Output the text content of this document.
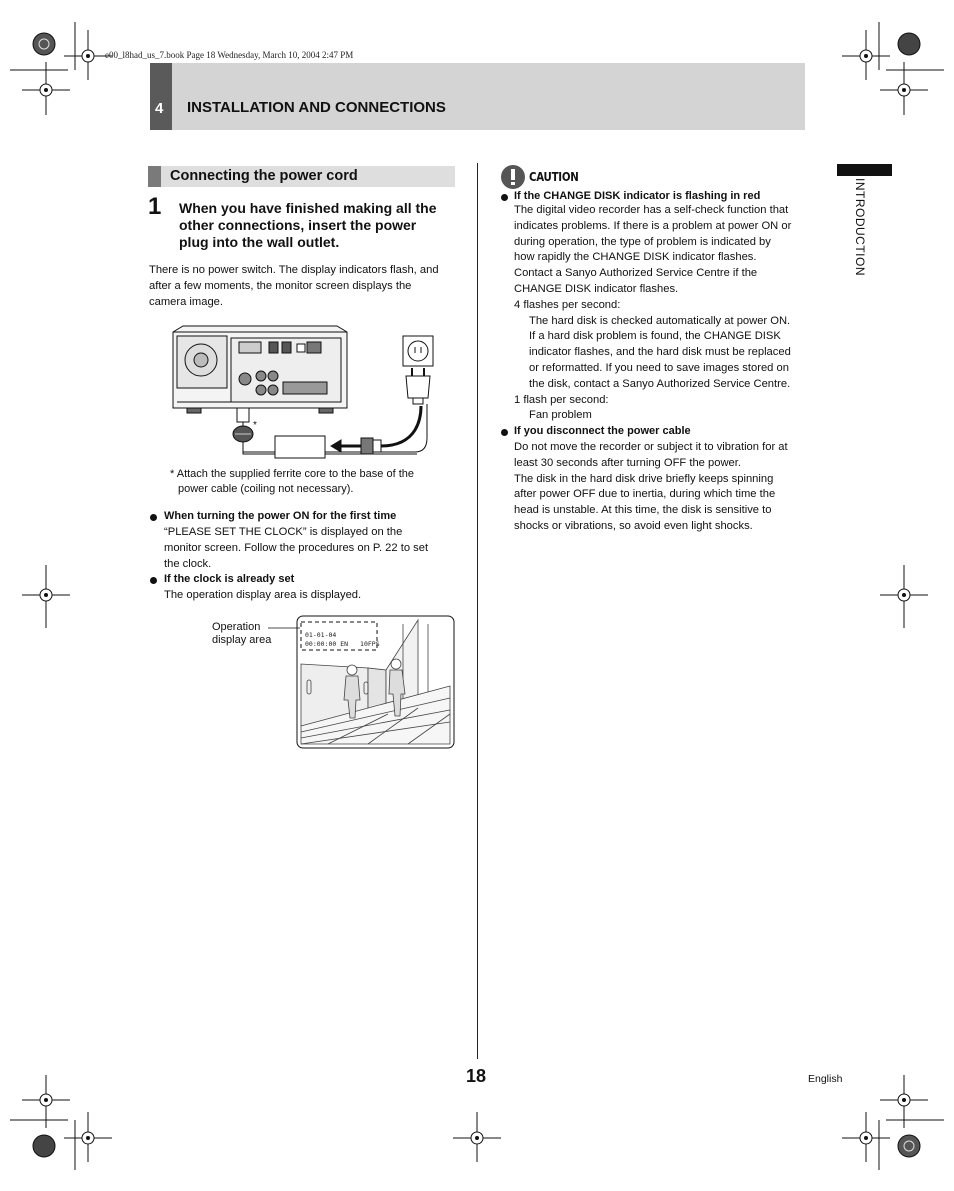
e00_l8had_us_7.book Page 18 Wednesday, March 10, 2004 2:47 PM
4 INSTALLATION AND CONNECTIONS
Connecting the power cord
1 When you have finished making all the
other connections, insert the power
plug into the wall outlet.
There is no power switch. The display indicators flash, and
after a few moments, the monitor screen displays the
camera image.
*
* Attach the supplied ferrite core to the base of the
power cable (coiling not necessary).
When turning the power ON for the first time
“PLEASE SET THE CLOCK” is displayed on the
monitor screen. Follow the procedures on P. 22 to set
the clock.
If the clock is already set
The operation display area is displayed.
Operation
display area	01-01-04
00:00:00 EN 10FPS
CAUTION
If the CHANGE DISK indicator is flashing in red
The digital video recorder has a self-check function that
indicates problems. If there is a problem at power ON or
during operation, the type of problem is indicated by
how rapidly the CHANGE DISK indicator flashes.
Contact a Sanyo Authorized Service Centre if the
CHANGE DISK indicator flashes.
4 flashes per second:
The hard disk is checked automatically at power ON.
If a hard disk problem is found, the CHANGE DISK
indicator flashes, and the hard disk must be replaced
or reformatted. If you need to save images stored on
the disk, contact a Sanyo Authorized Service Centre.
1 flash per second:
Fan problem
If you disconnect the power cable
Do not move the recorder or subject it to vibration for at
least 30 seconds after turning OFF the power.
The disk in the hard disk drive briefly keeps spinning
after power OFF due to inertia, during which time the
head is unstable. At this time, the disk is sensitive to
shocks or vibrations, so avoid even light shocks.
INTRODUCTION
18	English
